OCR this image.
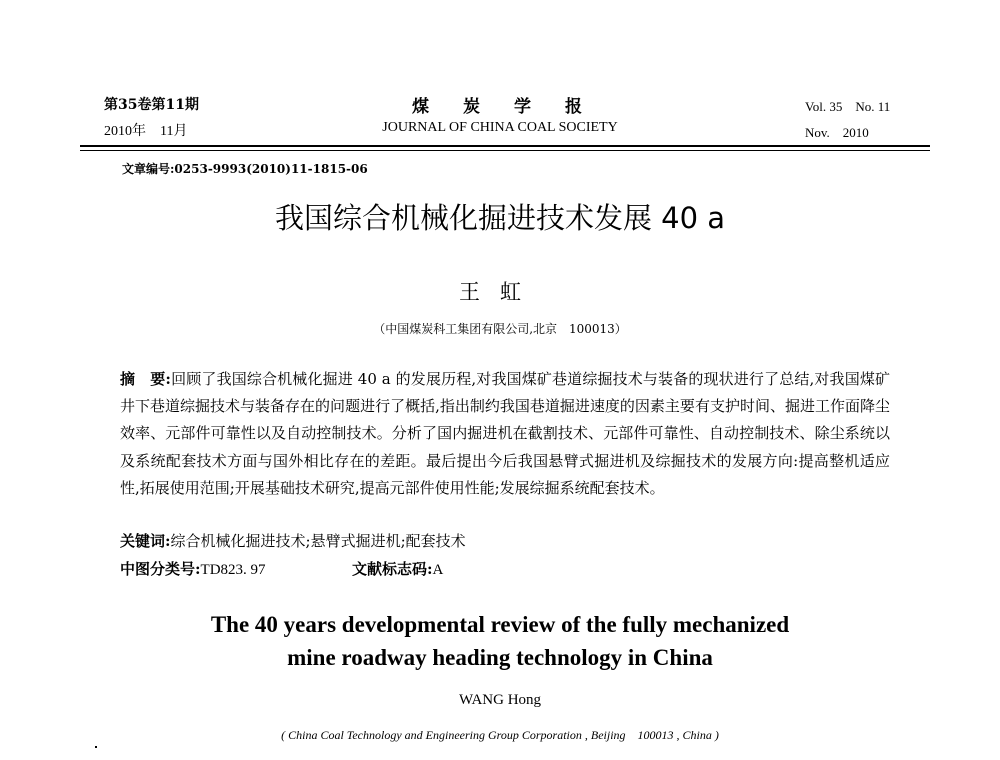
第35卷第11期
2010年　11月
煤炭学报
JOURNAL OF CHINA COAL SOCIETY
Vol. 35　No. 11
Nov.　2010
文章编号:0253-9993(2010)11-1815-06
我国综合机械化掘进技术发展 40 a
王虹
（中国煤炭科工集团有限公司,北京　100013）
摘　要:回顾了我国综合机械化掘进 40 a 的发展历程,对我国煤矿巷道综掘技术与装备的现状进行了总结,对我国煤矿井下巷道综掘技术与装备存在的问题进行了概括,指出制约我国巷道掘进速度的因素主要有支护时间、掘进工作面降尘效率、元部件可靠性以及自动控制技术。分析了国内掘进机在截割技术、元部件可靠性、自动控制技术、除尘系统以及系统配套技术方面与国外相比存在的差距。最后提出今后我国悬臂式掘进机及综掘技术的发展方向:提高整机适应性,拓展使用范围;开展基础技术研究,提高元部件使用性能;发展综掘系统配套技术。
关键词:综合机械化掘进技术;悬臂式掘进机;配套技术
中图分类号:TD823. 97	文献标志码:A
The 40 years developmental review of the fully mechanized
mine roadway heading technology in China
WANG Hong
( China Coal Technology and Engineering Group Corporation , Beijing　100013 , China )
